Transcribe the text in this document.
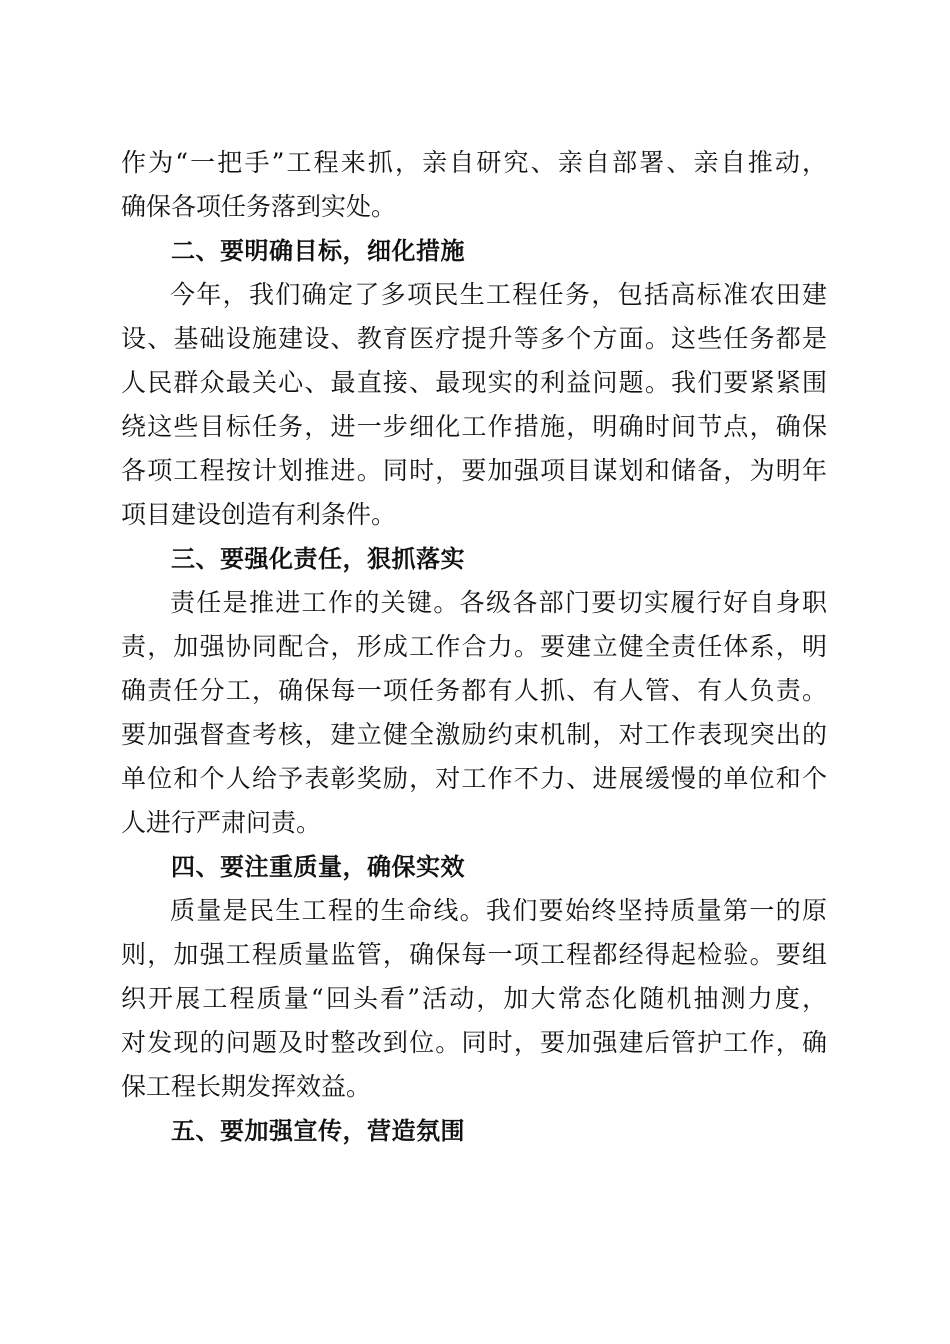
作为“一把手”工程来抓，亲自研究、亲自部署、亲自推动，
确保各项任务落到实处。
二、要明确目标，细化措施
今年，我们确定了多项民生工程任务，包括高标准农田建
设、基础设施建设、教育医疗提升等多个方面。这些任务都是
人民群众最关心、最直接、最现实的利益问题。我们要紧紧围
绕这些目标任务，进一步细化工作措施，明确时间节点，确保
各项工程按计划推进。同时，要加强项目谋划和储备，为明年
项目建设创造有利条件。
三、要强化责任，狠抓落实
责任是推进工作的关键。各级各部门要切实履行好自身职
责，加强协同配合，形成工作合力。要建立健全责任体系，明
确责任分工，确保每一项任务都有人抓、有人管、有人负责。
要加强督查考核，建立健全激励约束机制，对工作表现突出的
单位和个人给予表彰奖励，对工作不力、进展缓慢的单位和个
人进行严肃问责。
四、要注重质量，确保实效
质量是民生工程的生命线。我们要始终坚持质量第一的原
则，加强工程质量监管，确保每一项工程都经得起检验。要组
织开展工程质量“回头看”活动，加大常态化随机抽测力度，
对发现的问题及时整改到位。同时，要加强建后管护工作，确
保工程长期发挥效益。
五、要加强宣传，营造氛围
